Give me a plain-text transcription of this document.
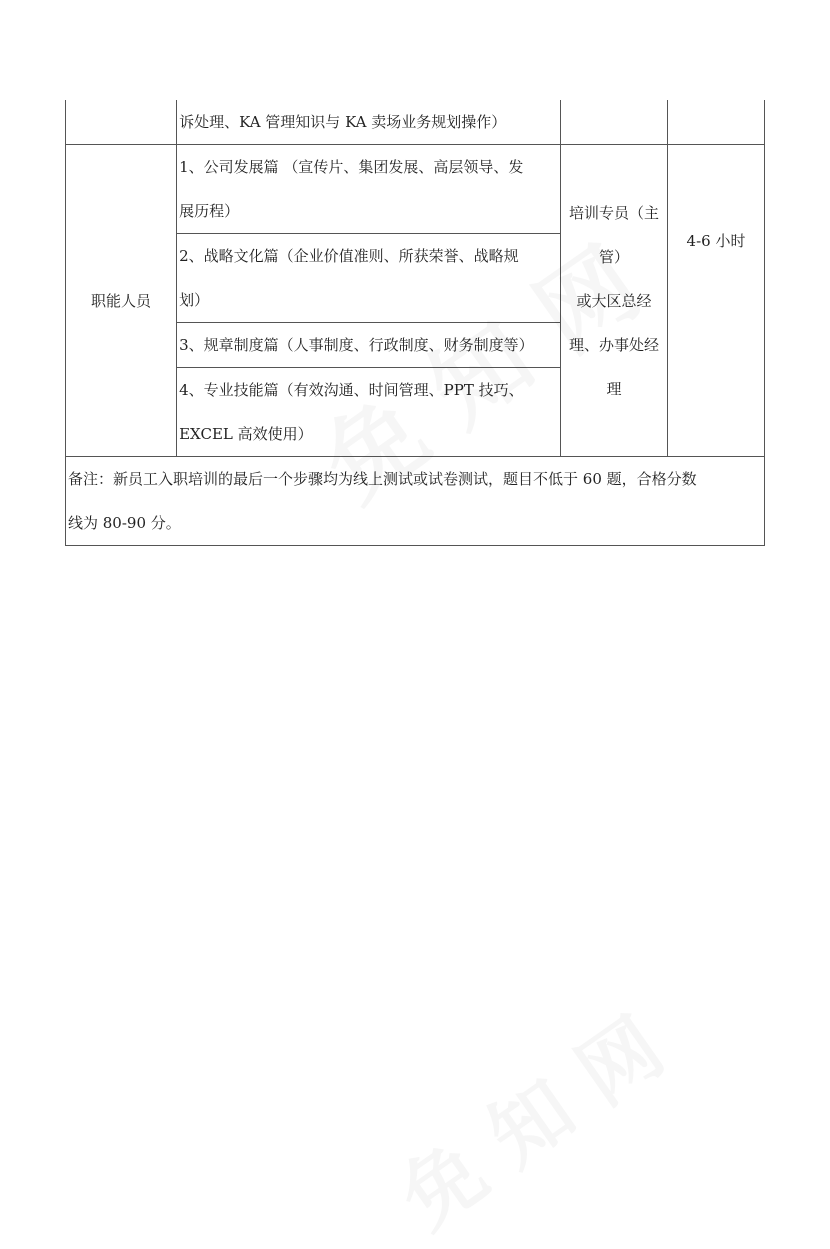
	诉处理、KA 管理知识与 KA 卖场业务规划操作）		

职能人员	1、公司发展篇 （宣传片、集团发展、高层领导、发
展历程）	培训专员（主
管）
或大区总经
理、办事处经
理	4-6 小时

	2、战略文化篇（企业价值准则、所获荣誉、战略规
划）		

	3、规章制度篇（人事制度、行政制度、财务制度等）		

	4、专业技能篇（有效沟通、时间管理、PPT 技巧、
EXCEL 高效使用）		

备注：新员工入职培训的最后一个步骤均为线上测试或试卷测试，题目不低于 60 题，合格分数
线为 80-90 分。			
